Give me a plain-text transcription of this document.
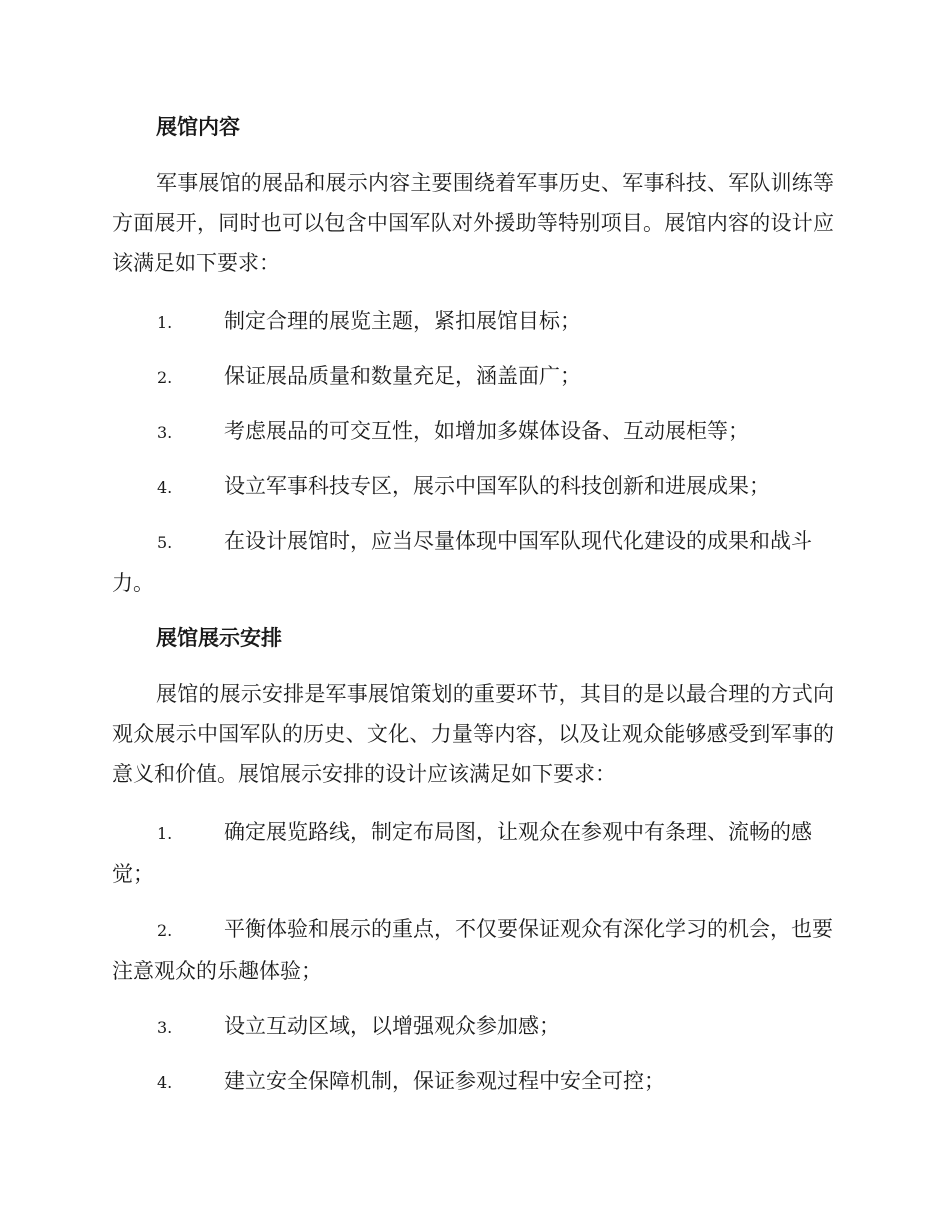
展馆内容

军事展馆的展品和展示内容主要围绕着军事历史、军事科技、军队训练等方面展开，同时也可以包含中国军队对外援助等特别项目。展馆内容的设计应该满足如下要求：

1. 制定合理的展览主题，紧扣展馆目标；

2. 保证展品质量和数量充足，涵盖面广；

3. 考虑展品的可交互性，如增加多媒体设备、互动展柜等；

4. 设立军事科技专区，展示中国军队的科技创新和进展成果；

5. 在设计展馆时，应当尽量体现中国军队现代化建设的成果和战斗力。

展馆展示安排

展馆的展示安排是军事展馆策划的重要环节，其目的是以最合理的方式向观众展示中国军队的历史、文化、力量等内容，以及让观众能够感受到军事的意义和价值。展馆展示安排的设计应该满足如下要求：

1. 确定展览路线，制定布局图，让观众在参观中有条理、流畅的感觉；

2. 平衡体验和展示的重点，不仅要保证观众有深化学习的机会，也要注意观众的乐趣体验；

3. 设立互动区域，以增强观众参加感；

4. 建立安全保障机制，保证参观过程中安全可控；
